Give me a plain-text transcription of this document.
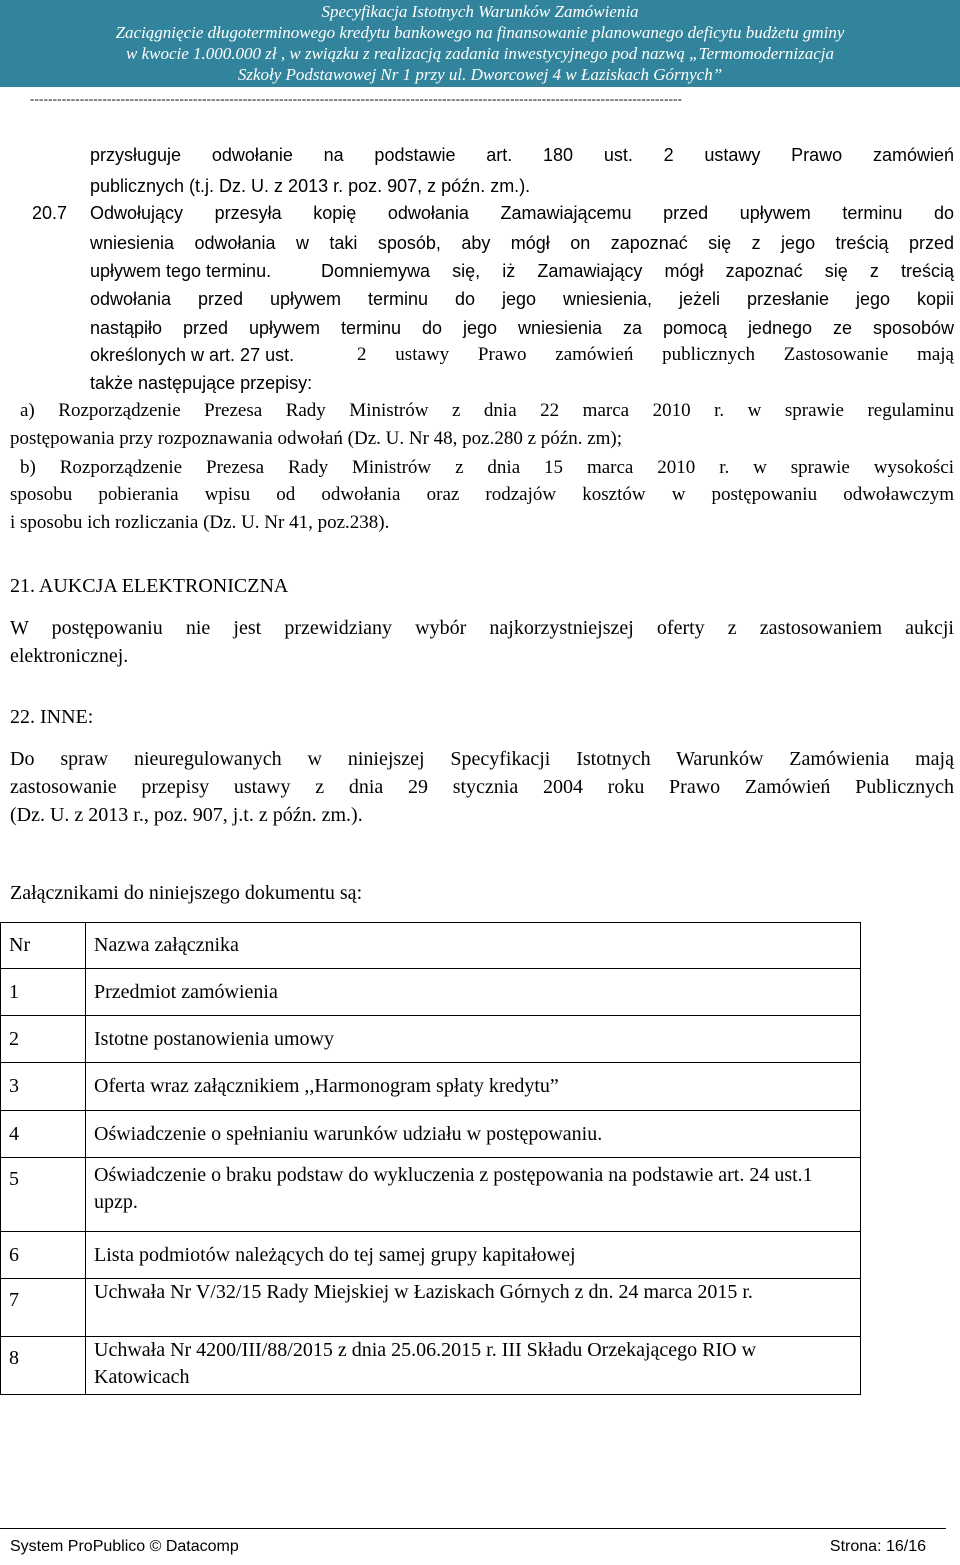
Specyfikacja Istotnych Warunków Zamówienia
Zaciągnięcie długoterminowego kredytu bankowego na finansowanie planowanego deficytu budżetu gminy
w kwocie 1.000.000 zł , w związku z realizacją zadania inwestycyjnego pod nazwą „Termomodernizacja
Szkoły Podstawowej Nr 1 przy ul. Dworcowej 4 w Łaziskach Górnych”
------------------------------------------------------------------------------------------------------------------------------------------------
przysługuje odwołanie na podstawie art. 180 ust. 2 ustawy Prawo zamówień
publicznych (t.j. Dz. U. z 2013 r. poz. 907, z późn. zm.).
20.7	Odwołujący przesyła kopię odwołania Zamawiającemu przed upływem terminu do
wniesienia odwołania w taki sposób, aby mógł on zapoznać się z jego treścią przed
upływem tego terminu.	Domniemywa się, iż Zamawiający mógł zapoznać się z treścią
odwołania przed upływem terminu do jego wniesienia, jeżeli przesłanie jego kopii
nastąpiło przed upływem terminu do jego wniesienia za pomocą jednego ze sposobów
określonych w art. 27 ust.	2 ustawy Prawo zamówień publicznych Zastosowanie mają
także następujące przepisy:
a) Rozporządzenie Prezesa Rady Ministrów z dnia 22 marca 2010 r. w sprawie regulaminu
postępowania przy rozpoznawania odwołań (Dz. U. Nr 48, poz.280 z późn. zm);
b) Rozporządzenie Prezesa Rady Ministrów z dnia 15 marca 2010 r. w sprawie wysokości
sposobu pobierania wpisu od odwołania oraz rodzajów kosztów w postępowaniu odwoławczym
i sposobu ich rozliczania (Dz. U. Nr 41, poz.238).
21. AUKCJA ELEKTRONICZNA
W postępowaniu nie jest przewidziany wybór najkorzystniejszej oferty z zastosowaniem aukcji
elektronicznej.
22. INNE:
Do spraw nieuregulowanych w niniejszej Specyfikacji Istotnych Warunków Zamówienia mają
zastosowanie przepisy ustawy z dnia 29 stycznia 2004 roku Prawo Zamówień Publicznych
(Dz. U. z 2013 r., poz. 907, j.t. z późn. zm.).
Załącznikami do niniejszego dokumentu są:
Nr	Nazwa załącznika
1	Przedmiot zamówienia
2	Istotne postanowienia umowy
3	Oferta wraz załącznikiem ,,Harmonogram spłaty kredytu”
4	Oświadczenie o spełnianiu warunków udziału w postępowaniu.
5	Oświadczenie o braku podstaw do wykluczenia z postępowania na podstawie art. 24 ust.1 upzp.
6	Lista podmiotów należących do tej samej grupy kapitałowej
7	Uchwała Nr V/32/15 Rady Miejskiej w Łaziskach Górnych z dn. 24 marca 2015 r.
8	Uchwała Nr 4200/III/88/2015 z dnia 25.06.2015 r. III Składu Orzekającego RIO w Katowicach
System ProPublico © Datacomp	Strona: 16/16
